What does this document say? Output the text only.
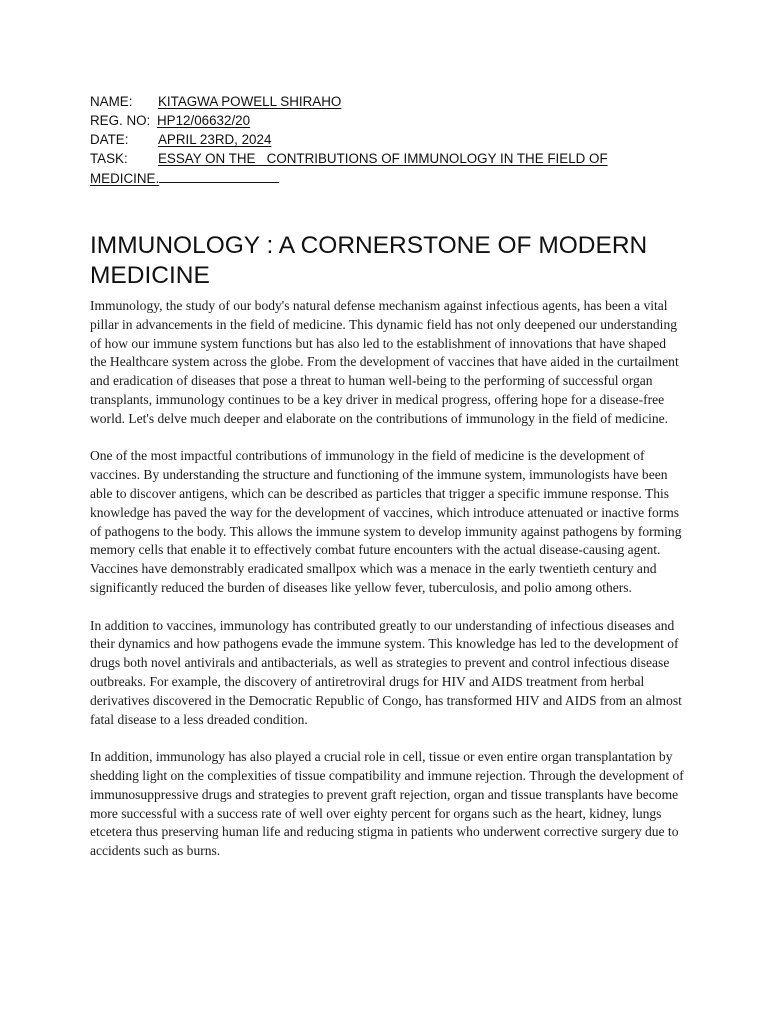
NAME: KITAGWA POWELL SHIRAHO
REG. NO: HP12/06632/20
DATE: APRIL 23RD, 2024
TASK: ESSAY ON THE   CONTRIBUTIONS OF IMMUNOLOGY IN THE FIELD OF
MEDICINE.
IMMUNOLOGY : A CORNERSTONE OF MODERN MEDICINE

Immunology, the study of our body's natural defense mechanism against infectious agents, has been a vital pillar in advancements in the field of medicine. This dynamic field has not only deepened our understanding of how our immune system functions but has also led to the establishment of innovations that have shaped the Healthcare system across the globe. From the development of vaccines that have aided in the curtailment and eradication of diseases that pose a threat to human well-being to the performing of successful organ transplants, immunology continues to be a key driver in medical progress, offering hope for a disease-free world. Let's delve much deeper and elaborate on the contributions of immunology in the field of medicine.

One of the most impactful contributions of immunology in the field of medicine is the development of vaccines. By understanding the structure and functioning of the immune system, immunologists have been able to discover antigens, which can be described as particles that trigger a specific immune response. This knowledge has paved the way for the development of vaccines, which introduce attenuated or inactive forms of pathogens to the body. This allows the immune system to develop immunity against pathogens by forming memory cells that enable it to effectively combat future encounters with the actual disease-causing agent. Vaccines have demonstrably eradicated smallpox which was a menace in the early twentieth century and significantly reduced the burden of diseases like yellow fever, tuberculosis, and polio among others.

In addition to vaccines, immunology has contributed greatly to our understanding of infectious diseases and their dynamics and how pathogens evade the immune system. This knowledge has led to the development of drugs both novel antivirals and antibacterials, as well as strategies to prevent and control infectious disease outbreaks. For example, the discovery of antiretroviral drugs for HIV and AIDS treatment from herbal derivatives discovered in the Democratic Republic of Congo, has transformed HIV and AIDS from an almost fatal disease to a less dreaded condition.

In addition, immunology has also played a crucial role in cell, tissue or even entire organ transplantation by shedding light on the complexities of tissue compatibility and immune rejection. Through the development of immunosuppressive drugs and strategies to prevent graft rejection, organ and tissue transplants have become more successful with a success rate of well over eighty percent for organs such as the heart, kidney, lungs etcetera thus preserving human life and reducing stigma in patients who underwent corrective surgery due to accidents such as burns.
